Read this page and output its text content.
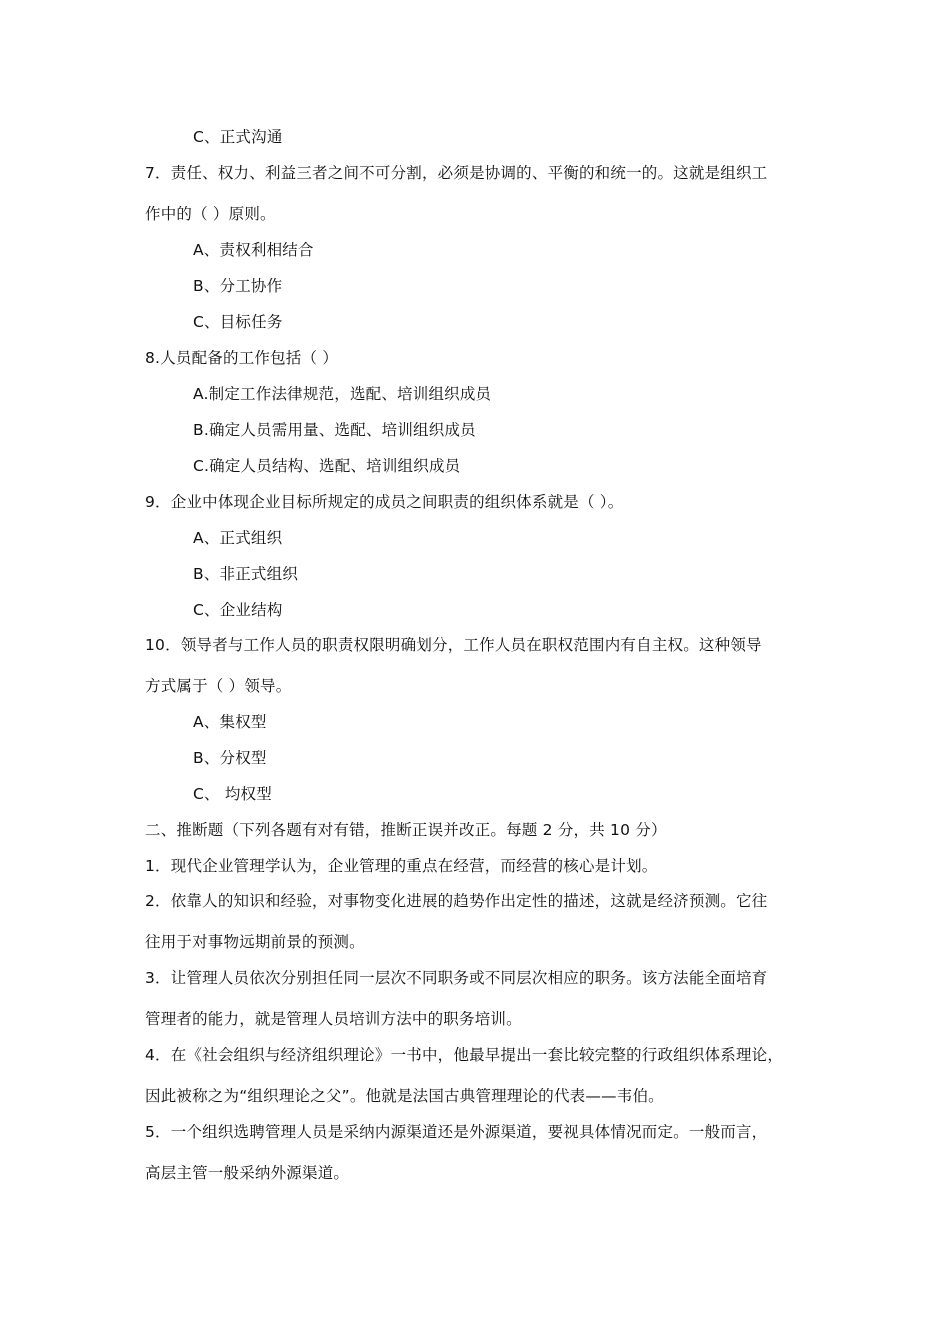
C、正式沟通
7．责任、权力、利益三者之间不可分割，必须是协调的、平衡的和统一的。这就是组织工
作中的（ ）原则。
A、责权利相结合
B、分工协作
C、目标任务
8.人员配备的工作包括（ ）
A.制定工作法律规范，选配、培训组织成员
B.确定人员需用量、选配、培训组织成员
C.确定人员结构、选配、培训组织成员
9．企业中体现企业目标所规定的成员之间职责的组织体系就是（ ）。
A、正式组织
B、非正式组织
C、企业结构
10．领导者与工作人员的职责权限明确划分，工作人员在职权范围内有自主权。这种领导
方式属于（ ）领导。
A、集权型
B、分权型
C、 均权型
二、推断题（下列各题有对有错，推断正误并改正。每题 2 分，共 10 分）
1．现代企业管理学认为，企业管理的重点在经营，而经营的核心是计划。
2．依靠人的知识和经验，对事物变化进展的趋势作出定性的描述，这就是经济预测。它往
往用于对事物远期前景的预测。
3．让管理人员依次分别担任同一层次不同职务或不同层次相应的职务。该方法能全面培育
管理者的能力，就是管理人员培训方法中的职务培训。
4．在《社会组织与经济组织理论》一书中，他最早提出一套比较完整的行政组织体系理论，
因此被称之为“组织理论之父”。他就是法国古典管理理论的代表——韦伯。
5．一个组织选聘管理人员是采纳内源渠道还是外源渠道，要视具体情况而定。一般而言，
高层主管一般采纳外源渠道。
